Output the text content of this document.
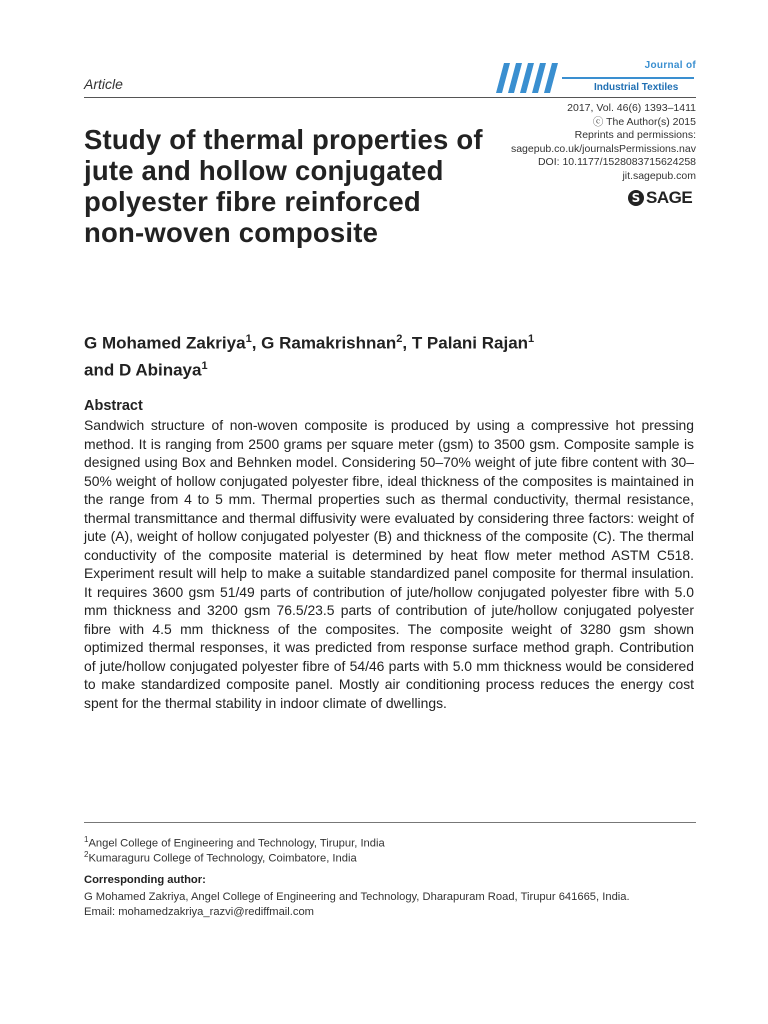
Article
Journal of
Industrial Textiles
2017, Vol. 46(6) 1393–1411
ⓒ The Author(s) 2015
Reprints and permissions:
sagepub.co.uk/journalsPermissions.nav
DOI: 10.1177/1528083715624258
jit.sagepub.com
S SAGE
Study of thermal properties of jute and hollow conjugated polyester fibre reinforced non-woven composite

G Mohamed Zakriya$^1$, G Ramakrishnan$^2$, T Palani Rajan$^1$
and D Abinaya$^1$

Abstract

Sandwich structure of non-woven composite is produced by using a compressive hot pressing method. It is ranging from 2500 grams per square meter (gsm) to 3500 gsm. Composite sample is designed using Box and Behnken model. Considering 50–70% weight of jute fibre content with 30–50% weight of hollow conjugated polyester fibre, ideal thickness of the composites is maintained in the range from 4 to 5 mm. Thermal properties such as thermal conductivity, thermal resistance, thermal transmittance and thermal diffusivity were evaluated by considering three factors: weight of jute (A), weight of hollow conjugated polyester (B) and thickness of the composite (C). The thermal conductivity of the composite material is determined by heat flow meter method ASTM C518. Experiment result will help to make a suitable standardized panel composite for thermal insulation. It requires 3600 gsm 51/49 parts of contribution of jute/hollow conjugated polyester fibre with 5.0 mm thickness and 3200 gsm 76.5/23.5 parts of contribution of jute/hollow conjugated polyester fibre with 4.5 mm thickness of the composites. The composite weight of 3280 gsm shown optimized thermal responses, it was predicted from response surface method graph. Contribution of jute/hollow conjugated polyester fibre of 54/46 parts with 5.0 mm thickness would be considered to make standardized composite panel. Mostly air conditioning process reduces the energy cost spent for the thermal stability in indoor climate of dwellings.

$^1$Angel College of Engineering and Technology, Tirupur, India
$^2$Kumaraguru College of Technology, Coimbatore, India
Corresponding author:
G Mohamed Zakriya, Angel College of Engineering and Technology, Dharapuram Road, Tirupur 641665, India.
Email: mohamedzakriya_razvi@rediffmail.com
